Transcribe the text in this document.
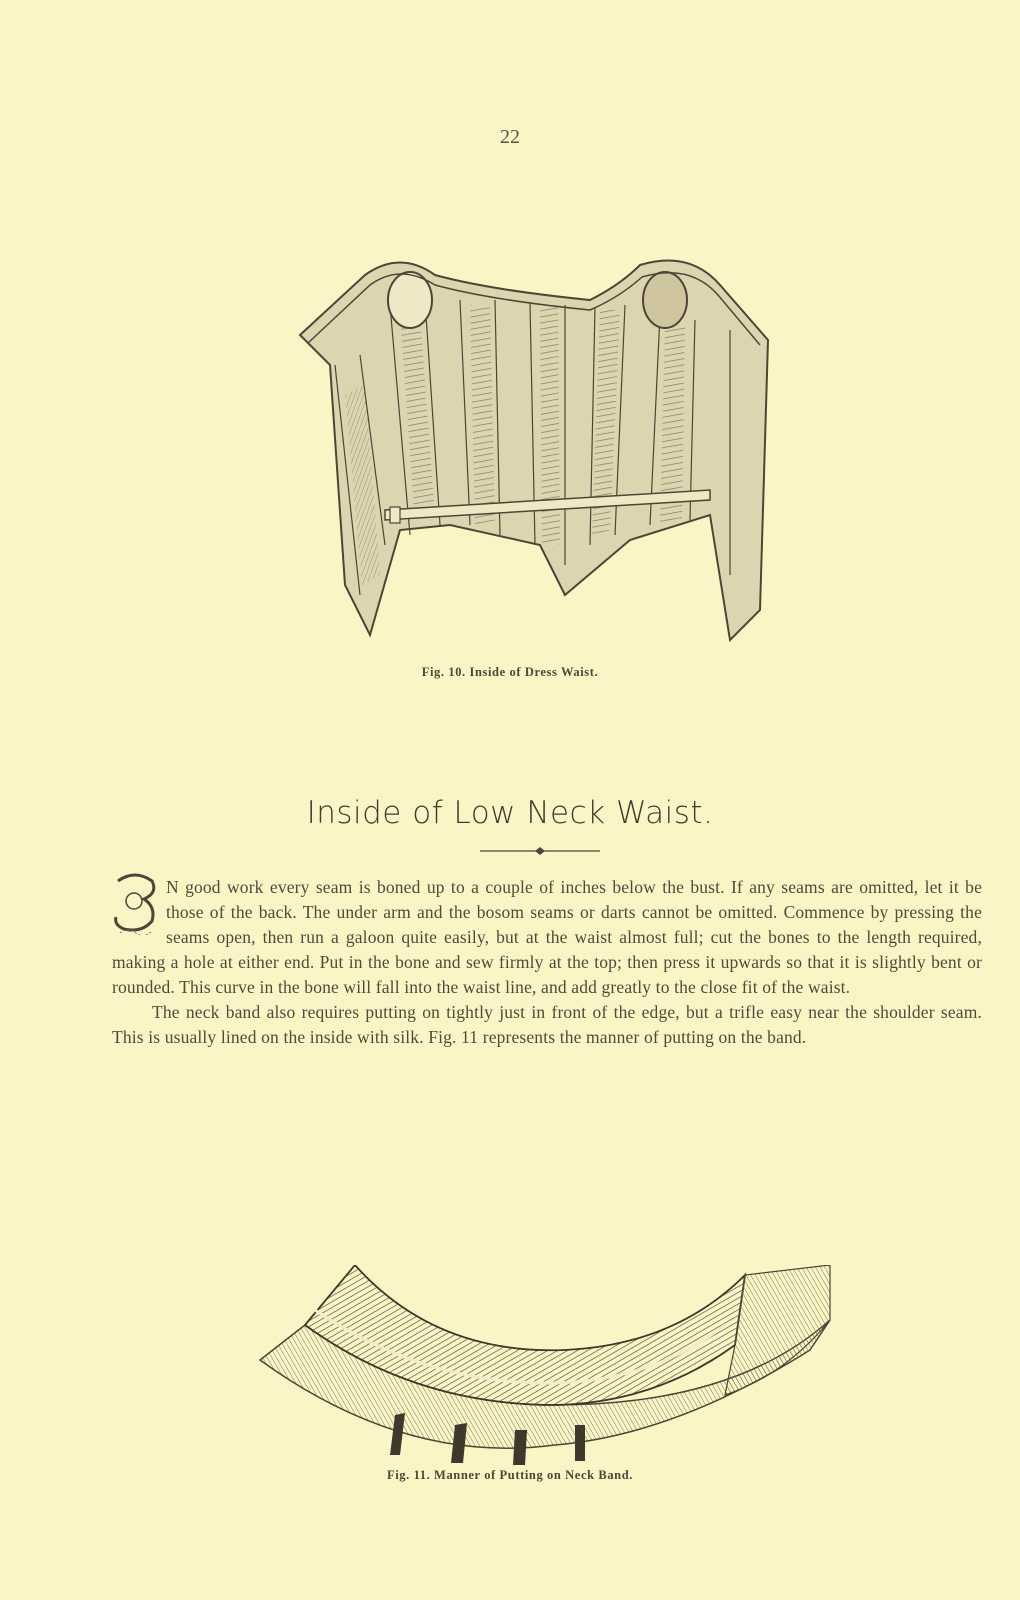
22
Fig. 10. Inside of Dress Waist.
Inside of Low Neck Waist.

N good work every seam is boned up to a couple of inches below the bust. If any seams are omitted, let it be those of the back. The under arm and the bosom seams or darts cannot be omitted. Commence by pressing the seams open, then run a galoon quite easily, but at the waist almost full; cut the bones to the length required, making a hole at either end. Put in the bone and sew firmly at the top; then press it upwards so that it is slightly bent or rounded. This curve in the bone will fall into the waist line, and add greatly to the close fit of the waist.

The neck band also requires putting on tightly just in front of the edge, but a trifle easy near the shoulder seam. This is usually lined on the inside with silk. Fig. 11 represents the manner of putting on the band.

Fig. 11. Manner of Putting on Neck Band.
